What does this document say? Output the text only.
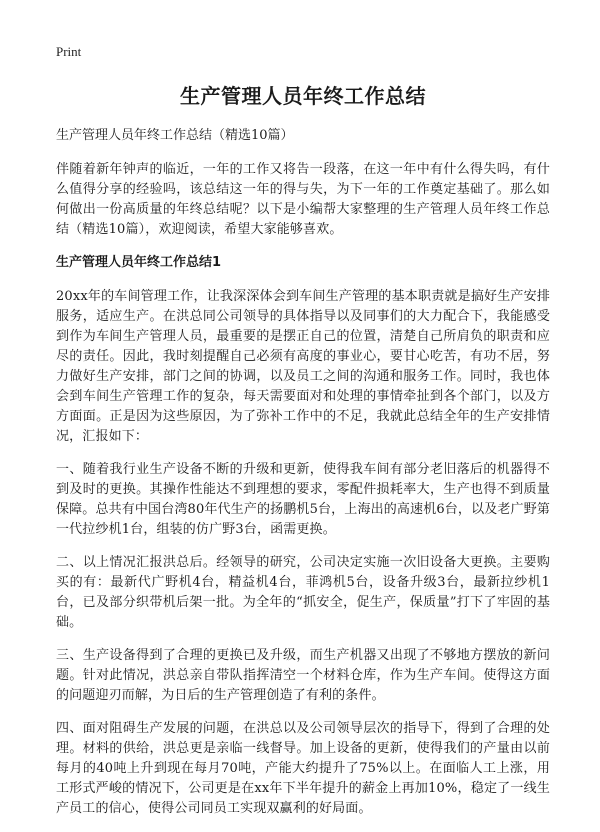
Print
生产管理人员年终工作总结
生产管理人员年终工作总结（精选10篇）

伴随着新年钟声的临近，一年的工作又将告一段落，在这一年中有什么得失吗，有什么值得分享的经验吗，该总结这一年的得与失，为下一年的工作奠定基础了。那么如何做出一份高质量的年终总结呢？以下是小编帮大家整理的生产管理人员年终工作总结（精选10篇），欢迎阅读，希望大家能够喜欢。

生产管理人员年终工作总结1

20xx年的车间管理工作，让我深深体会到车间生产管理的基本职责就是搞好生产安排服务，适应生产。在洪总同公司领导的具体指导以及同事们的大力配合下，我能感受到作为车间生产管理人员，最重要的是摆正自己的位置，清楚自己所肩负的职责和应尽的责任。因此，我时刻提醒自己必须有高度的事业心，要甘心吃苦，有功不居，努力做好生产安排，部门之间的协调，以及员工之间的沟通和服务工作。同时，我也体会到车间生产管理工作的复杂，每天需要面对和处理的事情牵扯到各个部门，以及方方面面。正是因为这些原因，为了弥补工作中的不足，我就此总结全年的生产安排情况，汇报如下：

一、随着我行业生产设备不断的升级和更新，使得我车间有部分老旧落后的机器得不到及时的更换。其操作性能达不到理想的要求，零配件损耗率大，生产也得不到质量保障。总共有中国台湾80年代生产的扬鹏机5台，上海出的高速机6台，以及老广野第一代拉纱机1台，组装的仿广野3台，函需更换。

二、以上情况汇报洪总后。经领导的研究，公司决定实施一次旧设备大更换。主要购买的有：最新代广野机4台，精益机4台，菲鸿机5台，设备升级3台，最新拉纱机1台，已及部分织带机后架一批。为全年的“抓安全，促生产，保质量”打下了牢固的基础。

三、生产设备得到了合理的更换已及升级，而生产机器又出现了不够地方摆放的新问题。针对此情况，洪总亲自带队指挥清空一个材料仓库，作为生产车间。使得这方面的问题迎刃而解，为日后的生产管理创造了有利的条件。

四、面对阻碍生产发展的问题，在洪总以及公司领导层次的指导下，得到了合理的处理。材料的供给，洪总更是亲临一线督导。加上设备的更新，使得我们的产量由以前每月的40吨上升到现在每月70吨，产能大约提升了75%以上。在面临人工上涨，用工形式严峻的情况下，公司更是在xx年下半年提升的薪金上再加10%，稳定了一线生产员工的信心，使得公司同员工实现双赢利的好局面。
